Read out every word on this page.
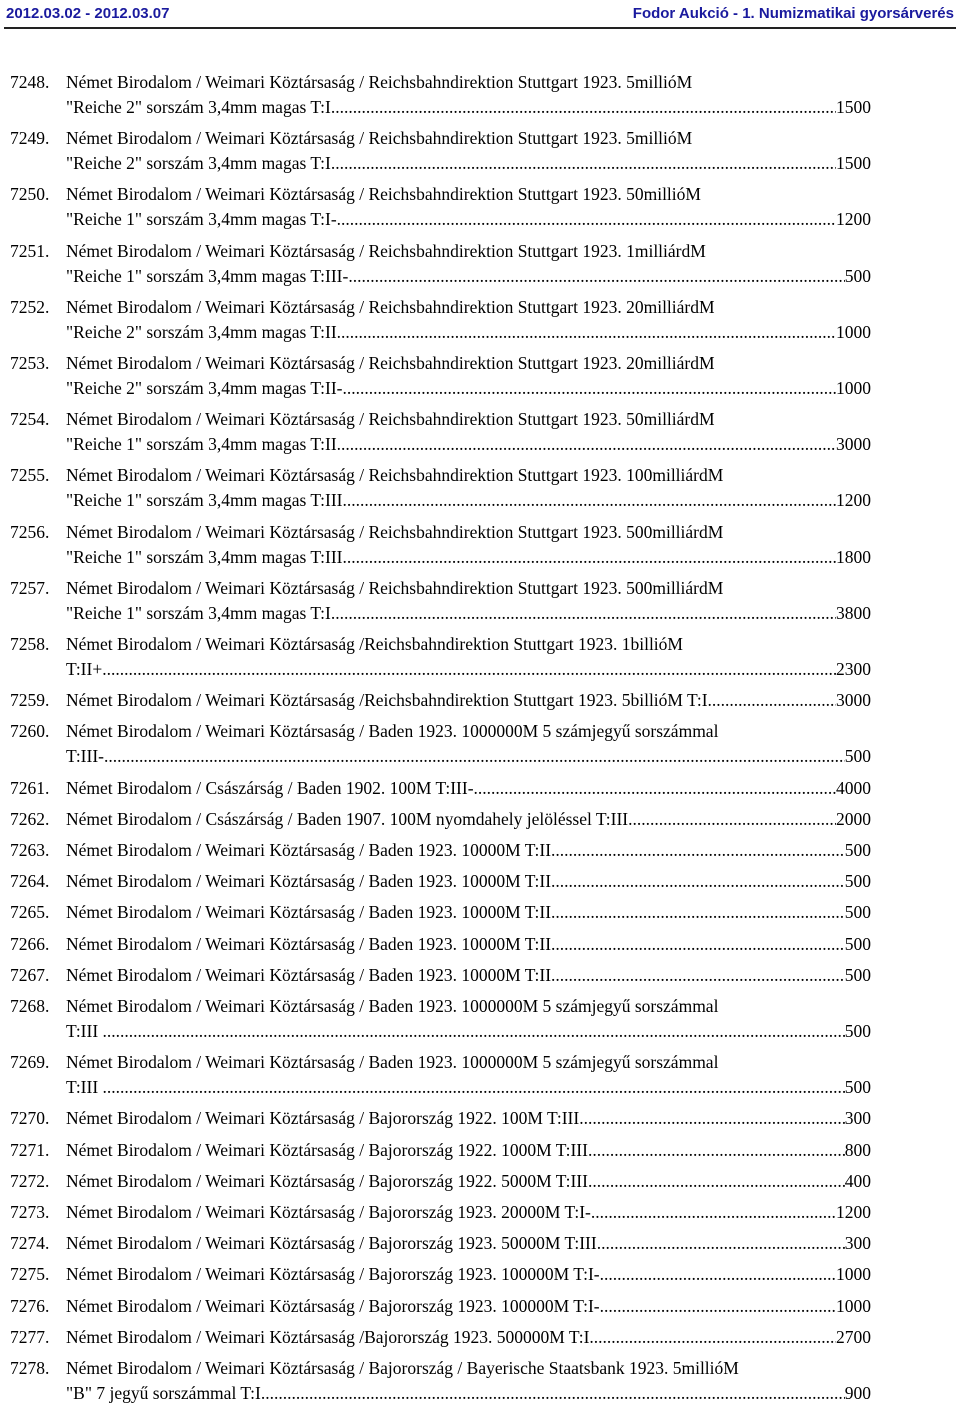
2012.03.02 - 2012.03.07	Fodor Aukció - 1. Numizmatikai gyorsárverés
7248. Német Birodalom / Weimari Köztársaság / Reichsbahndirektion Stuttgart 1923. 5millióM
"Reiche 2" sorszám 3,4mm magas T:I .....	1500
7249. Német Birodalom / Weimari Köztársaság / Reichsbahndirektion Stuttgart 1923. 5millióM
"Reiche 2" sorszám 3,4mm magas T:I .....	1500
7250. Német Birodalom / Weimari Köztársaság / Reichsbahndirektion Stuttgart 1923. 50millióM
"Reiche 1" sorszám 3,4mm magas T:I- .....	1200
7251. Német Birodalom / Weimari Köztársaság / Reichsbahndirektion Stuttgart 1923. 1milliárdM
"Reiche 1" sorszám 3,4mm magas T:III- .....	500
7252. Német Birodalom / Weimari Köztársaság / Reichsbahndirektion Stuttgart 1923. 20milliárdM
"Reiche 2" sorszám 3,4mm magas T:II .....	1000
7253. Német Birodalom / Weimari Köztársaság / Reichsbahndirektion Stuttgart 1923. 20milliárdM
"Reiche 2" sorszám 3,4mm magas T:II- .....	1000
7254. Német Birodalom / Weimari Köztársaság / Reichsbahndirektion Stuttgart 1923. 50milliárdM
"Reiche 1" sorszám 3,4mm magas T:II .....	3000
7255. Német Birodalom / Weimari Köztársaság / Reichsbahndirektion Stuttgart 1923. 100milliárdM
"Reiche 1" sorszám 3,4mm magas T:III .....	1200
7256. Német Birodalom / Weimari Köztársaság / Reichsbahndirektion Stuttgart 1923. 500milliárdM
"Reiche 1" sorszám 3,4mm magas T:III .....	1800
7257. Német Birodalom / Weimari Köztársaság / Reichsbahndirektion Stuttgart 1923. 500milliárdM
"Reiche 1" sorszám 3,4mm magas T:I .....	3800
7258. Német Birodalom / Weimari Köztársaság /Reichsbahndirektion Stuttgart 1923. 1billióM
T:II+... .....	2300
7259. Német Birodalom / Weimari Köztársaság /Reichsbahndirektion Stuttgart 1923. 5billióM T:I .....	3000
7260. Német Birodalom / Weimari Köztársaság / Baden 1923. 1000000M 5 számjegyű sorszámmal
T:III- .....	500
7261. Német Birodalom / Császárság / Baden 1902. 100M T:III- .....	4000
7262. Német Birodalom / Császárság / Baden 1907. 100M nyomdahely jelöléssel T:III .....	2000
7263. Német Birodalom / Weimari Köztársaság / Baden 1923. 10000M T:II .....	500
7264. Német Birodalom / Weimari Köztársaság / Baden 1923. 10000M T:II .....	500
7265. Német Birodalom / Weimari Köztársaság / Baden 1923. 10000M T:II .....	500
7266. Német Birodalom / Weimari Köztársaság / Baden 1923. 10000M T:II .....	500
7267. Német Birodalom / Weimari Köztársaság / Baden 1923. 10000M T:II .....	500
7268. Német Birodalom / Weimari Köztársaság / Baden 1923. 1000000M 5 számjegyű sorszámmal
T:III . .....	500
7269. Német Birodalom / Weimari Köztársaság / Baden 1923. 1000000M 5 számjegyű sorszámmal
T:III . .....	500
7270. Német Birodalom / Weimari Köztársaság / Bajorország 1922. 100M T:III .....	300
7271. Német Birodalom / Weimari Köztársaság / Bajorország 1922. 1000M T:III .....	800
7272. Német Birodalom / Weimari Köztársaság / Bajorország 1922. 5000M T:III .....	400
7273. Német Birodalom / Weimari Köztársaság / Bajorország 1923. 20000M T:I- .....	1200
7274. Német Birodalom / Weimari Köztársaság / Bajorország 1923. 50000M T:III .....	300
7275. Német Birodalom / Weimari Köztársaság / Bajorország 1923. 100000M T:I- .....	1000
7276. Német Birodalom / Weimari Köztársaság / Bajorország 1923. 100000M T:I- .....	1000
7277. Német Birodalom / Weimari Köztársaság /Bajorország 1923. 500000M T:I .....	2700
7278. Német Birodalom / Weimari Köztársaság / Bajorország / Bayerische Staatsbank 1923. 5millióM
"B" 7 jegyű sorszámmal T:I .....	900
